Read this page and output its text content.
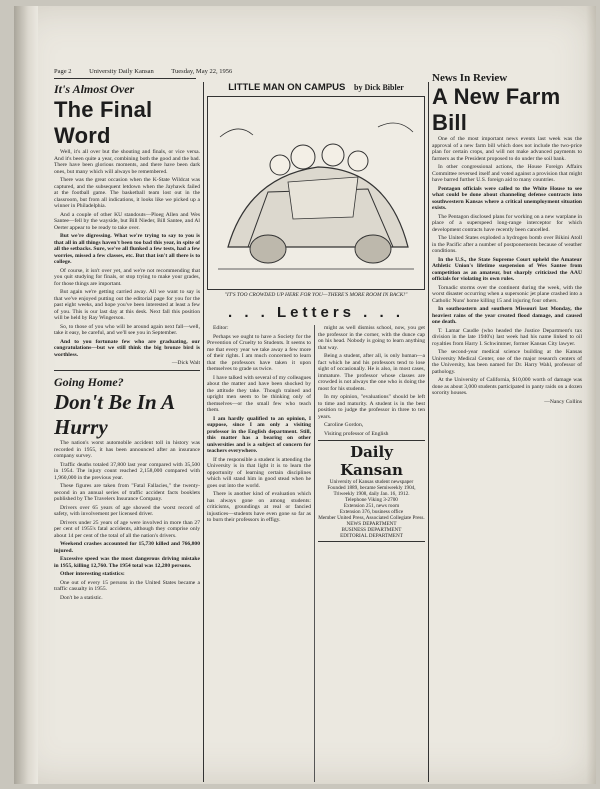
Page 2	University Daily Kansan	Tuesday, May 22, 1956
It's Almost Over
The Final Word

Well, it's all over but the shouting and finals, or vice versa. And it's been quite a year, combining both the good and the bad. There have been glorious moments, and there have been dark ones, but many which will always be remembered.

There was the great occasion when the K-State Wildcat was captured, and the subsequent letdown when the Jayhawk failed at the football game. The basketball team lost out in the classroom, but from all indications, it looks like we picked up a winner in Philadelphia.

And a couple of other KU standouts—Ploeg Allen and Wes Santee—fell by the wayside, but Bill Nieder, Bill Santee, and Al Oerter appear to be ready to take over.

But we're digressing. What we're trying to say to you is that all in all things haven't been too bad this year, in spite of all the setbacks. Sure, we've all flunked a few tests, had a few worries, missed a few classes, etc. But that isn't all there is to college.

Of course, it isn't over yet, and we're not recommending that you quit studying for finals, or stop trying to make your grades, for those things are important.

But again we're getting carried away. All we want to say is that we've enjoyed putting out the editorial page for you for the past eight weeks, and hope you've been interested at least a few of you. This is our last day at this desk. Next fall this position will be held by Ray Wingerson.

So, to those of you who will be around again next fall—well, take it easy, be careful, and we'll see you in September.

And to you fortunate few who are graduating, our congratulations—but we still think the big bronze bird is worthless.

—Dick Walt
Going Home?
Don't Be In A Hurry

The nation's worst automobile accident toll in history was recorded in 1955, it has been announced after an insurance company survey.

Traffic deaths totaled 37,800 last year compared with 35,500 in 1954. The injury count reached 2,158,000 compared with 1,960,000 in the previous year.

These figures are taken from "Fatal Fallacies," the twenty-second in an annual series of traffic accident facts booklets published by The Travelers Insurance Company.

Drivers over 65 years of age showed the worst record of safety, with involvement per licensed driver.

Drivers under 25 years of age were involved in more than 27 per cent of 1955's fatal accidents, although they comprise only about 14 per cent of the total of all the nation's drivers.

Weekend crashes accounted for 15,730 killed and 766,800 injured.

Excessive speed was the most dangerous driving mistake in 1955, killing 12,760. The 1954 total was 12,280 persons.

Other interesting statistics:

One out of every 15 persons in the United States became a traffic casualty in 1955.

Don't be a statistic.

LITTLE MAN ON CAMPUS by Dick Bibler
"IT'S TOO CROWDED UP HERE FOR YOU—THERE'S MORE ROOM IN BACK!"
. . . Letters . . .

Editor:

Perhaps we ought to have a Society for the Prevention of Cruelty to Students. It seems to me that every year we take away a few more of their rights. I am much concerned to learn that the professors have taken it upon themselves to grade us twice.

I have talked with several of my colleagues about the matter and have been shocked by the attitude they take. Though trained and upright men seem to be thinking only of themselves—or the small few who teach them.

I am hardly qualified to an opinion, I suppose, since I am only a visiting professor in the English department. Still, this matter has a bearing on other universities and is a subject of concern for teachers everywhere.

If the responsible a student is attending the University is in that light it is to learn the opportunity of learning certain disciplines which will stand him in good stead when he goes out into the world.

There is another kind of evaluation which has always gone on among students: criticisms, groundings at real or fancied injustices—students have even gone so far as to burn their professors in effigy.

might as well dismiss school, now, you get the professor in the corner, with the dunce cap on his head. Nobody is going to learn anything that way.

Being a student, after all, is only human—a fact which he and his professors tend to lose sight of occasionally. He is also, in most cases, immature. The professor whose classes are crowded is not always the one who is doing the most for his students.

In my opinion, "evaluations" should be left to time and maturity. A student is in the best position to judge the professor in three to ten years.

Caroline Gordon,

Visiting professor of English

Daily Kansan

University of Kansas student newspaper

Founded 1889, became Semiweekly 1904, Triweekly 1908, daily Jan. 16, 1912.

Telephone Viking 3-2700

Extension 251, news room

Extension 376, business office

Member United Press, Associated Collegiate Press.

NEWS DEPARTMENT

BUSINESS DEPARTMENT

EDITORIAL DEPARTMENT

News In Review
A New Farm Bill

One of the most important news events last week was the approval of a new farm bill which does not include the two-price plan for certain crops, and will not make advanced payments to farmers as the President proposed to do under the soil bank.

In other congressional actions, the House Foreign Affairs Committee reversed itself and voted against a provision that might have barred further U.S. foreign aid to many countries.

Pentagon officials were called to the White House to see what could be done about channeling defense contracts into southwestern Kansas where a critical unemployment situation exists.

The Pentagon disclosed plans for working on a new warplane in place of a superspeed long-range interceptor for which development contracts have recently been cancelled.

The United States exploded a hydrogen bomb over Bikini Atoll in the Pacific after a number of postponements because of weather conditions.

In the U.S., the State Supreme Court upheld the Amateur Athletic Union's lifetime suspension of Wes Santee from competition as an amateur, but sharply criticized the AAU officials for violating its own rules.

Tornadic storms over the continent during the week, with the worst disaster occurring when a supersonic jet plane crashed into a Catholic Nuns' home killing 15 and injuring four others.

In southeastern and southern Missouri last Monday, the heaviest rains of the year created flood damage, and caused one death.

T. Lamar Caudle (who headed the Justice Department's tax division in the late 1940's) last week had his name linked to oil royalties from Harry I. Schwimmer, former Kansas City lawyer.

The second-year medical science building at the Kansas University Medical Center, one of the major research centers of the University, has been named for Dr. Harry Wahl, professor of pathology.

At the University of California, $10,000 worth of damage was done as about 3,000 students participated in panty raids on a dozen sorority houses.

—Nancy Collins
